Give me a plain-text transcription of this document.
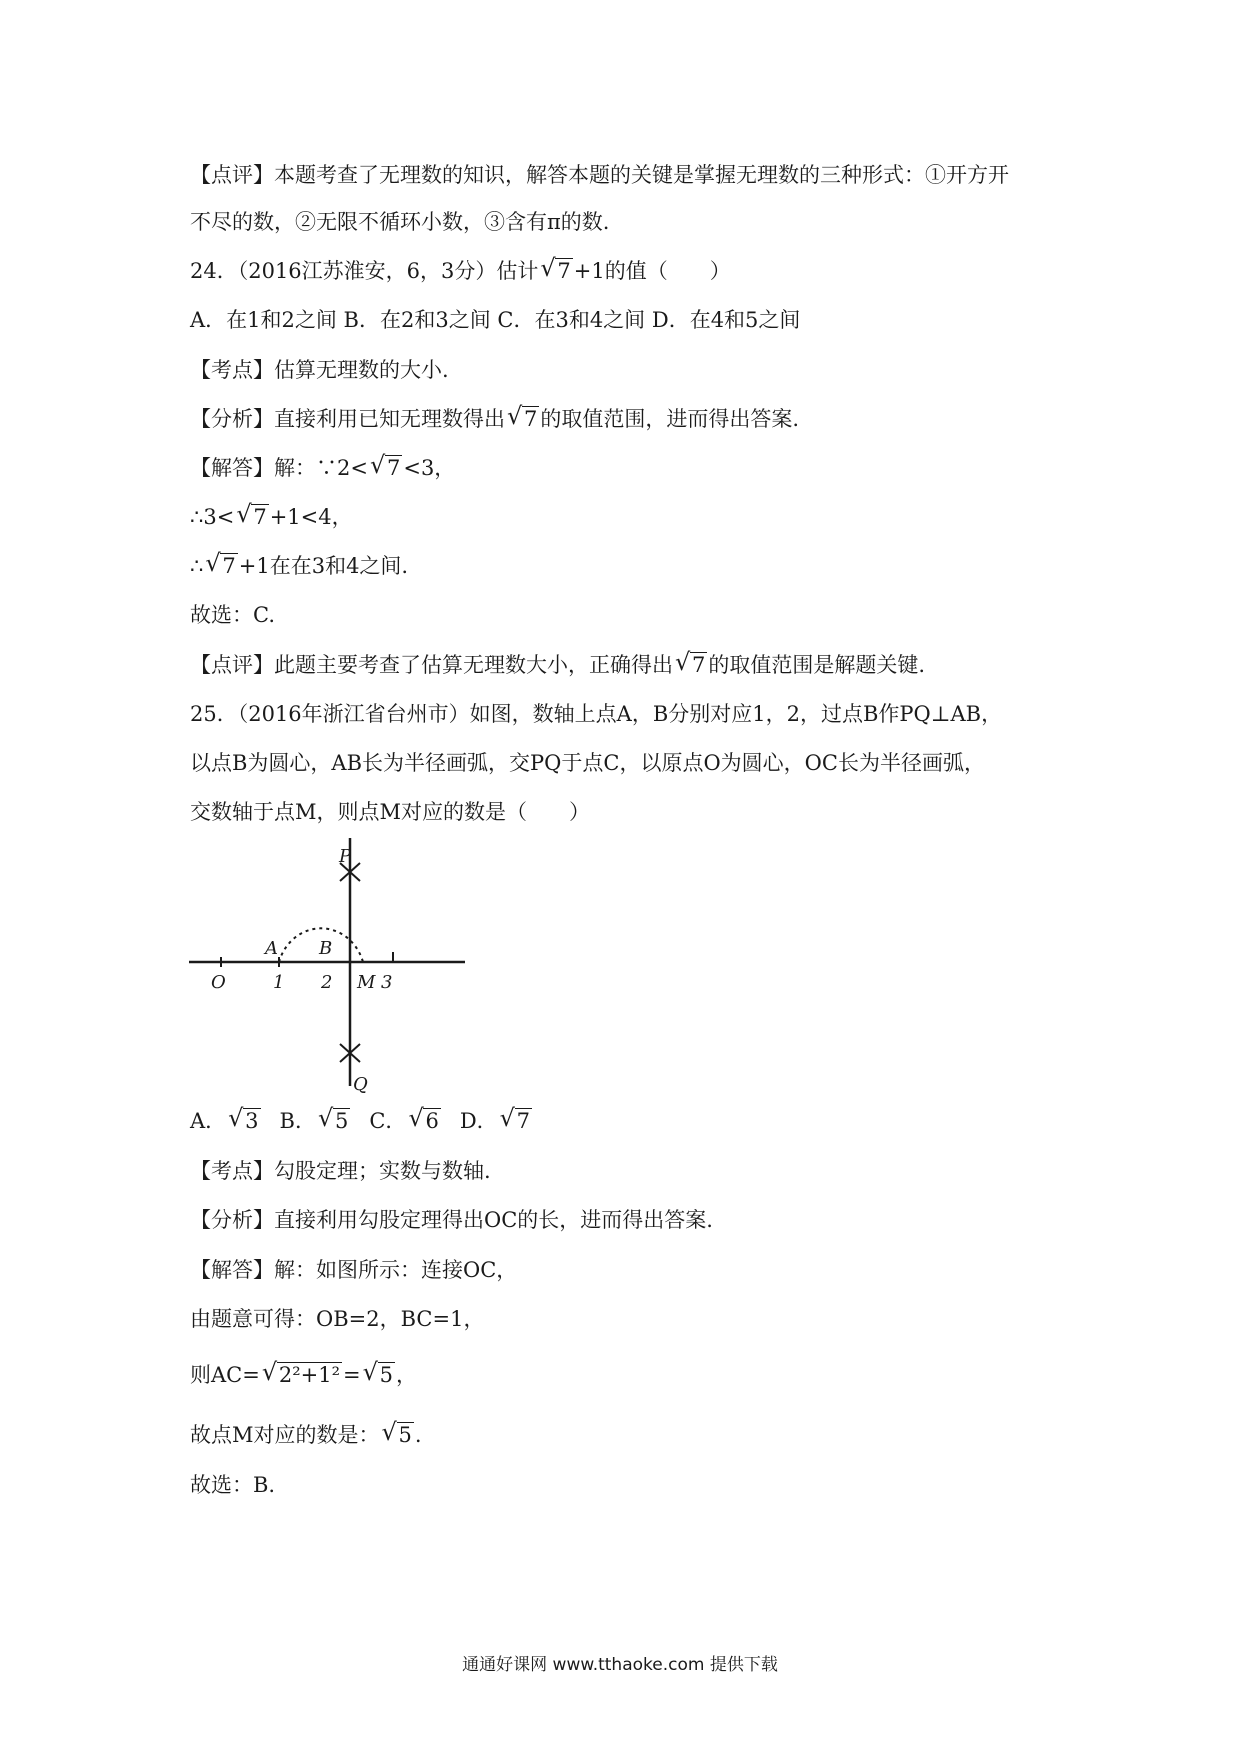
【点评】本题考查了无理数的知识，解答本题的关键是掌握无理数的三种形式：①开方开
不尽的数，②无限不循环小数，③含有π的数.
24．（2016江苏淮安，6，3分）估计 √ 7 +1的值（　　）
A．在1和2之间 B．在2和3之间 C．在3和4之间 D．在4和5之间
【考点】估算无理数的大小.
【分析】直接利用已知无理数得出 √ 7 的取值范围，进而得出答案.
【解答】解：∵2< √ 7 <3，
∴3< √ 7 +1<4，
∴ √ 7 +1在在3和4之间.
故选：C.
【点评】此题主要考查了估算无理数大小，正确得出 √ 7 的取值范围是解题关键.
25．（2016年浙江省台州市）如图，数轴上点A，B分别对应1，2，过点B作PQ⊥AB，
以点B为圆心，AB长为半径画弧，交PQ于点C，以原点O为圆心，OC长为半径画弧，
交数轴于点M，则点M对应的数是（　　）
P
Q
A B
O	1 2 M 3
A． √ 3 B． √ 5 C． √ 6 D． √ 7
【考点】勾股定理；实数与数轴.
【分析】直接利用勾股定理得出OC的长，进而得出答案.
【解答】解：如图所示：连接OC，
由题意可得：OB=2，BC=1，
则AC= √ 2²+1² = √ 5 ，
故点M对应的数是： √ 5 .
故选：B.
通通好课网 www.tthaoke.com 提供下载
